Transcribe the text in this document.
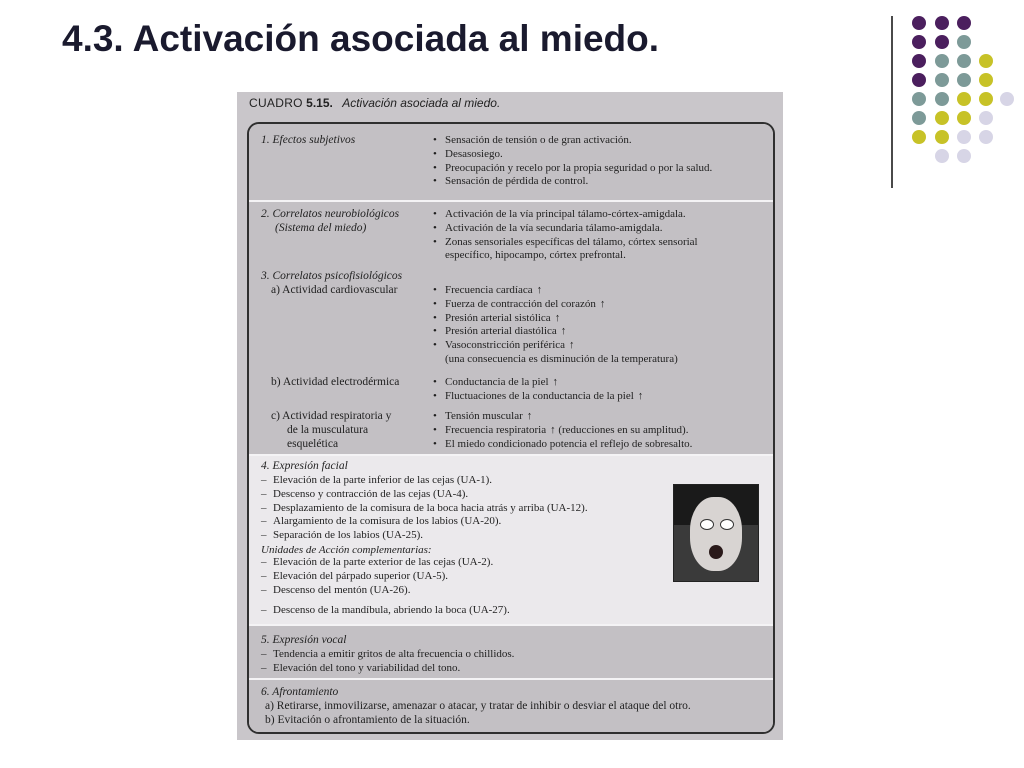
4.3. Activación asociada al miedo.
CUADRO 5.15. Activación asociada al miedo.
1. Efectos subjetivos	• Sensación de tensión o de gran activación.
• Desasosiego.
• Preocupación y recelo por la propia seguridad o por la salud.
• Sensación de pérdida de control.
2. Correlatos neurobiológicos
(Sistema del miedo)
• Activación de la vía principal tálamo-córtex-amigdala.
• Activación de la vía secundaria tálamo-amigdala.
• Zonas sensoriales específicas del tálamo, córtex sensorial
específico, hipocampo, córtex prefrontal.
3. Correlatos psicofisiológicos
a) Actividad cardiovascular	• Frecuencia cardíaca ↑
• Fuerza de contracción del corazón ↑
• Presión arterial sistólica ↑
• Presión arterial diastólica ↑
• Vasoconstricción periférica ↑
(una consecuencia es disminución de la temperatura)
b) Actividad electrodérmica	• Conductancia de la piel ↑
• Fluctuaciones de la conductancia de la piel ↑
c) Actividad respiratoria y
de la musculatura
esquelética
• Tensión muscular ↑
• Frecuencia respiratoria ↑ (reducciones en su amplitud).
• El miedo condicionado potencia el reflejo de sobresalto.
4. Expresión facial
– Elevación de la parte inferior de las cejas (UA-1).
– Descenso y contracción de las cejas (UA-4).
– Desplazamiento de la comisura de la boca hacia atrás y arriba (UA-12).
– Alargamiento de la comisura de los labios (UA-20).
– Separación de los labios (UA-25).
Unidades de Acción complementarias:
– Elevación de la parte exterior de las cejas (UA-2).
– Elevación del párpado superior (UA-5).
– Descenso del mentón (UA-26).
– Descenso de la mandíbula, abriendo la boca (UA-27).
5. Expresión vocal
– Tendencia a emitir gritos de alta frecuencia o chillidos.
– Elevación del tono y variabilidad del tono.
6. Afrontamiento
a) Retirarse, inmovilizarse, amenazar o atacar, y tratar de inhibir o desviar el ataque del otro.
b) Evitación o afrontamiento de la situación.
